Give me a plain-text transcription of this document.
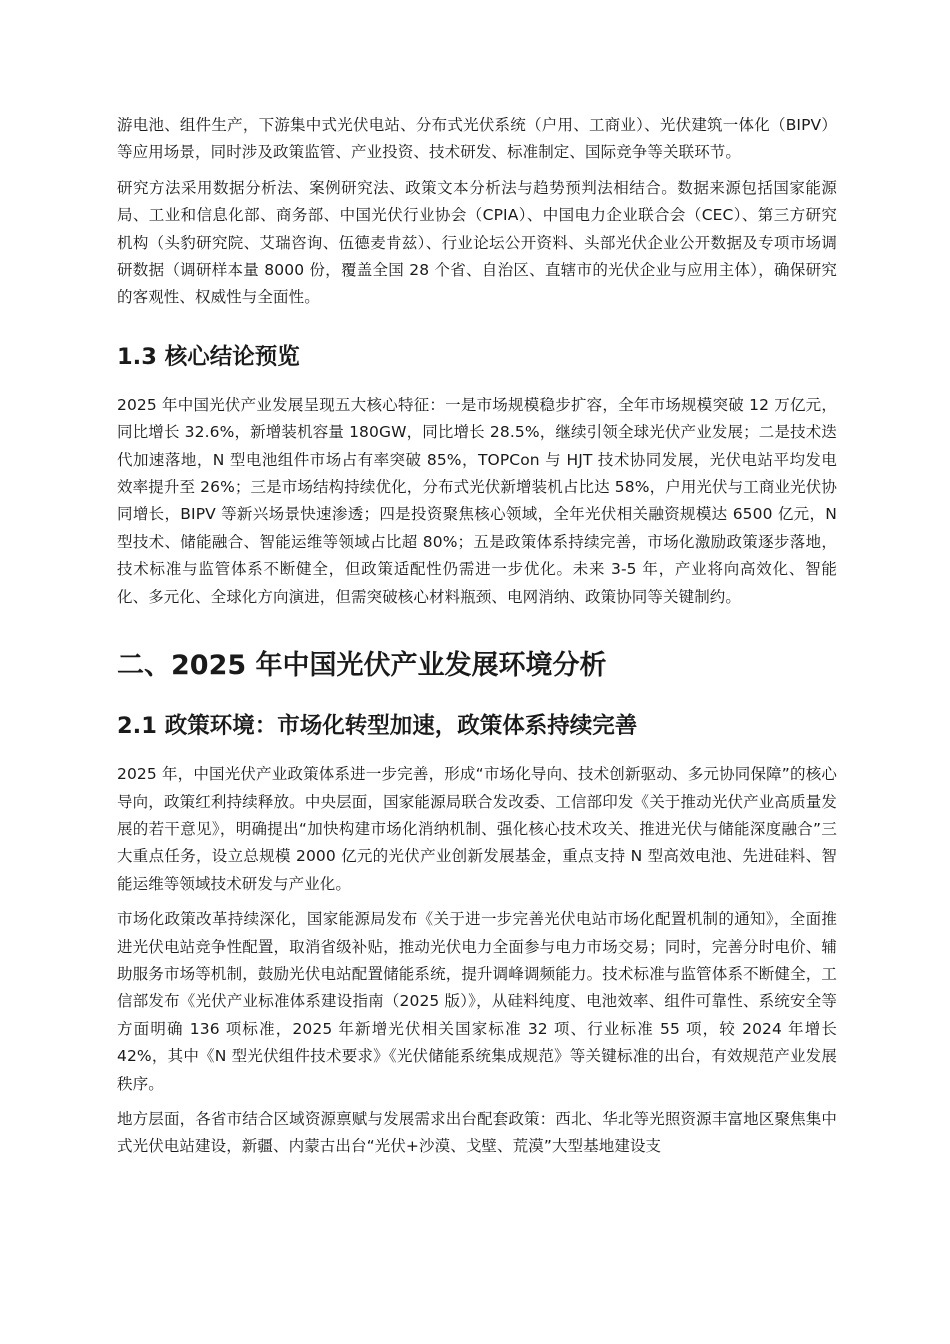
游电池、组件生产，下游集中式光伏电站、分布式光伏系统（户用、工商业）、光伏建筑一体化（BIPV）等应用场景，同时涉及政策监管、产业投资、技术研发、标准制定、国际竞争等关联环节。

研究方法采用数据分析法、案例研究法、政策文本分析法与趋势预判法相结合。数据来源包括国家能源局、工业和信息化部、商务部、中国光伏行业协会（CPIA）、中国电力企业联合会（CEC）、第三方研究机构（头豹研究院、艾瑞咨询、伍德麦肯兹）、行业论坛公开资料、头部光伏企业公开数据及专项市场调研数据（调研样本量 8000 份，覆盖全国 28 个省、自治区、直辖市的光伏企业与应用主体），确保研究的客观性、权威性与全面性。

1.3 核心结论预览

2025 年中国光伏产业发展呈现五大核心特征：一是市场规模稳步扩容，全年市场规模突破 12 万亿元，同比增长 32.6%，新增装机容量 180GW，同比增长 28.5%，继续引领全球光伏产业发展；二是技术迭代加速落地，N 型电池组件市场占有率突破 85%，TOPCon 与 HJT 技术协同发展，光伏电站平均发电效率提升至 26%；三是市场结构持续优化，分布式光伏新增装机占比达 58%，户用光伏与工商业光伏协同增长，BIPV 等新兴场景快速渗透；四是投资聚焦核心领域，全年光伏相关融资规模达 6500 亿元，N 型技术、储能融合、智能运维等领域占比超 80%；五是政策体系持续完善，市场化激励政策逐步落地，技术标准与监管体系不断健全，但政策适配性仍需进一步优化。未来 3-5 年，产业将向高效化、智能化、多元化、全球化方向演进，但需突破核心材料瓶颈、电网消纳、政策协同等关键制约。

二、2025 年中国光伏产业发展环境分析
2.1 政策环境：市场化转型加速，政策体系持续完善

2025 年，中国光伏产业政策体系进一步完善，形成“市场化导向、技术创新驱动、多元协同保障”的核心导向，政策红利持续释放。中央层面，国家能源局联合发改委、工信部印发《关于推动光伏产业高质量发展的若干意见》，明确提出“加快构建市场化消纳机制、强化核心技术攻关、推进光伏与储能深度融合”三大重点任务，设立总规模 2000 亿元的光伏产业创新发展基金，重点支持 N 型高效电池、先进硅料、智能运维等领域技术研发与产业化。

市场化政策改革持续深化，国家能源局发布《关于进一步完善光伏电站市场化配置机制的通知》，全面推进光伏电站竞争性配置，取消省级补贴，推动光伏电力全面参与电力市场交易；同时，完善分时电价、辅助服务市场等机制，鼓励光伏电站配置储能系统，提升调峰调频能力。技术标准与监管体系不断健全，工信部发布《光伏产业标准体系建设指南（2025 版）》，从硅料纯度、电池效率、组件可靠性、系统安全等方面明确 136 项标准，2025 年新增光伏相关国家标准 32 项、行业标准 55 项，较 2024 年增长 42%，其中《N 型光伏组件技术要求》《光伏储能系统集成规范》等关键标准的出台，有效规范产业发展秩序。

地方层面，各省市结合区域资源禀赋与发展需求出台配套政策：西北、华北等光照资源丰富地区聚焦集中式光伏电站建设，新疆、内蒙古出台“光伏+沙漠、戈壁、荒漠”大型基地建设支
